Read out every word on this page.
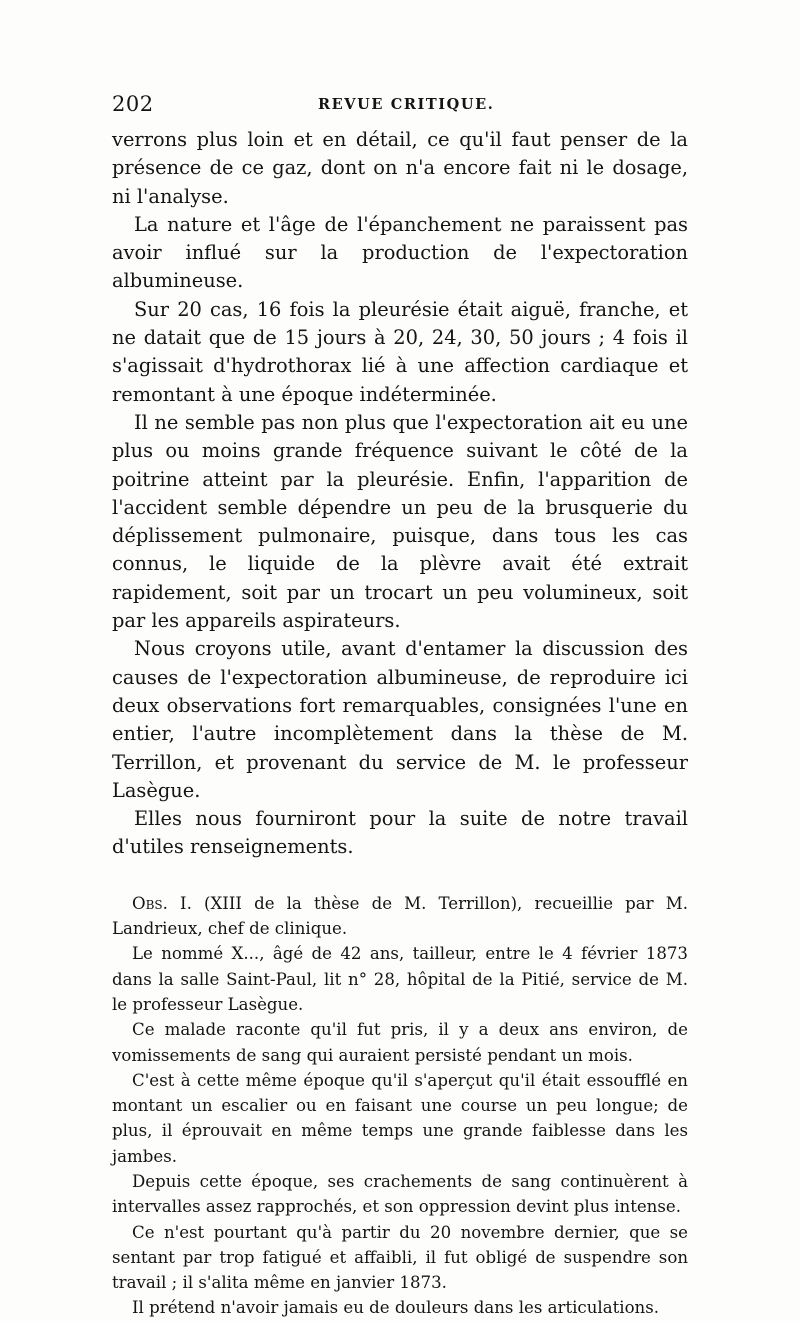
202	REVUE CRITIQUE.

verrons plus loin et en détail, ce qu'il faut penser de la présence de ce gaz, dont on n'a encore fait ni le dosage, ni l'analyse.

La nature et l'âge de l'épanchement ne paraissent pas avoir influé sur la production de l'expectoration albumineuse.

Sur 20 cas, 16 fois la pleurésie était aiguë, franche, et ne datait que de 15 jours à 20, 24, 30, 50 jours ; 4 fois il s'agissait d'hydrothorax lié à une affection cardiaque et remontant à une époque indéterminée.

Il ne semble pas non plus que l'expectoration ait eu une plus ou moins grande fréquence suivant le côté de la poitrine atteint par la pleurésie. Enfin, l'apparition de l'accident semble dépendre un peu de la brusquerie du déplissement pulmonaire, puisque, dans tous les cas connus, le liquide de la plèvre avait été extrait rapidement, soit par un trocart un peu volumineux, soit par les appareils aspirateurs.

Nous croyons utile, avant d'entamer la discussion des causes de l'expectoration albumineuse, de reproduire ici deux observations fort remarquables, consignées l'une en entier, l'autre incomplètement dans la thèse de M. Terrillon, et provenant du service de M. le professeur Lasègue.

Elles nous fourniront pour la suite de notre travail d'utiles renseignements.

Obs. I. (XIII de la thèse de M. Terrillon), recueillie par M. Landrieux, chef de clinique.

Le nommé X..., âgé de 42 ans, tailleur, entre le 4 février 1873 dans la salle Saint-Paul, lit n° 28, hôpital de la Pitié, service de M. le professeur Lasègue.

Ce malade raconte qu'il fut pris, il y a deux ans environ, de vomissements de sang qui auraient persisté pendant un mois.

C'est à cette même époque qu'il s'aperçut qu'il était essoufflé en montant un escalier ou en faisant une course un peu longue; de plus, il éprouvait en même temps une grande faiblesse dans les jambes.

Depuis cette époque, ses crachements de sang continuèrent à intervalles assez rapprochés, et son oppression devint plus intense.

Ce n'est pourtant qu'à partir du 20 novembre dernier, que se sentant par trop fatigué et affaibli, il fut obligé de suspendre son travail ; il s'alita même en janvier 1873.

Il prétend n'avoir jamais eu de douleurs dans les articulations.
